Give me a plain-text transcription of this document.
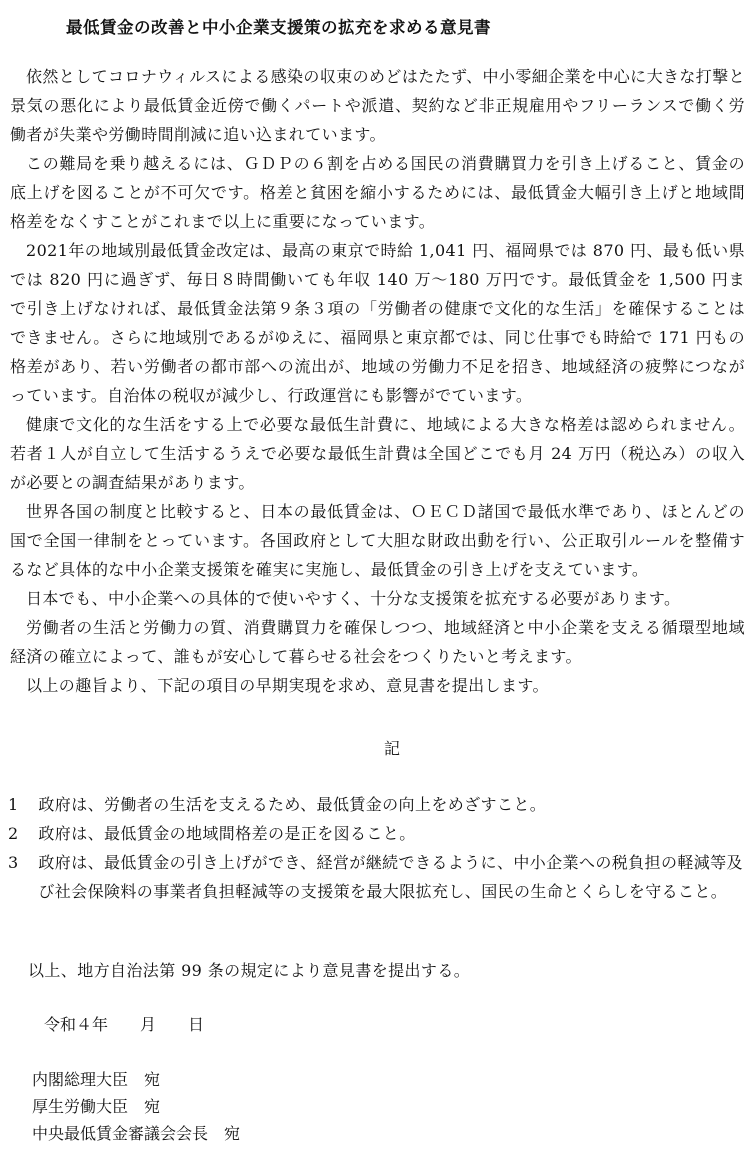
最低賃金の改善と中小企業支援策の拡充を求める意見書

依然としてコロナウィルスによる感染の収束のめどはたたず、中小零細企業を中心に大きな打撃と景気の悪化により最低賃金近傍で働くパートや派遣、契約など非正規雇用やフリーランスで働く労働者が失業や労働時間削減に追い込まれています。

この難局を乗り越えるには、ＧＤＰの６割を占める国民の消費購買力を引き上げること、賃金の底上げを図ることが不可欠です。格差と貧困を縮小するためには、最低賃金大幅引き上げと地域間格差をなくすことがこれまで以上に重要になっています。

2021年の地域別最低賃金改定は、最高の東京で時給 1,041 円、福岡県では 870 円、最も低い県では 820 円に過ぎず、毎日８時間働いても年収 140 万～180 万円です。最低賃金を 1,500 円まで引き上げなければ、最低賃金法第９条３項の「労働者の健康で文化的な生活」を確保することはできません。さらに地域別であるがゆえに、福岡県と東京都では、同じ仕事でも時給で 171 円もの格差があり、若い労働者の都市部への流出が、地域の労働力不足を招き、地域経済の疲弊につながっています。自治体の税収が減少し、行政運営にも影響がでています。

健康で文化的な生活をする上で必要な最低生計費に、地域による大きな格差は認められません。若者１人が自立して生活するうえで必要な最低生計費は全国どこでも月 24 万円（税込み）の収入が必要との調査結果があります。

世界各国の制度と比較すると、日本の最低賃金は、ＯＥＣＤ諸国で最低水準であり、ほとんどの国で全国一律制をとっています。各国政府として大胆な財政出動を行い、公正取引ルールを整備するなど具体的な中小企業支援策を確実に実施し、最低賃金の引き上げを支えています。

日本でも、中小企業への具体的で使いやすく、十分な支援策を拡充する必要があります。

労働者の生活と労働力の質、消費購買力を確保しつつ、地域経済と中小企業を支える循環型地域経済の確立によって、誰もが安心して暮らせる社会をつくりたいと考えます。

以上の趣旨より、下記の項目の早期実現を求め、意見書を提出します。

記
1 政府は、労働者の生活を支えるため、最低賃金の向上をめざすこと。
2 政府は、最低賃金の地域間格差の是正を図ること。
3 政府は、最低賃金の引き上げができ、経営が継続できるように、中小企業への税負担の軽減等及び社会保険料の事業者負担軽減等の支援策を最大限拡充し、国民の生命とくらしを守ること。
以上、地方自治法第 99 条の規定により意見書を提出する。
令和４年　　月　　日
内閣総理大臣　宛
厚生労働大臣　宛
中央最低賃金審議会会長　宛
